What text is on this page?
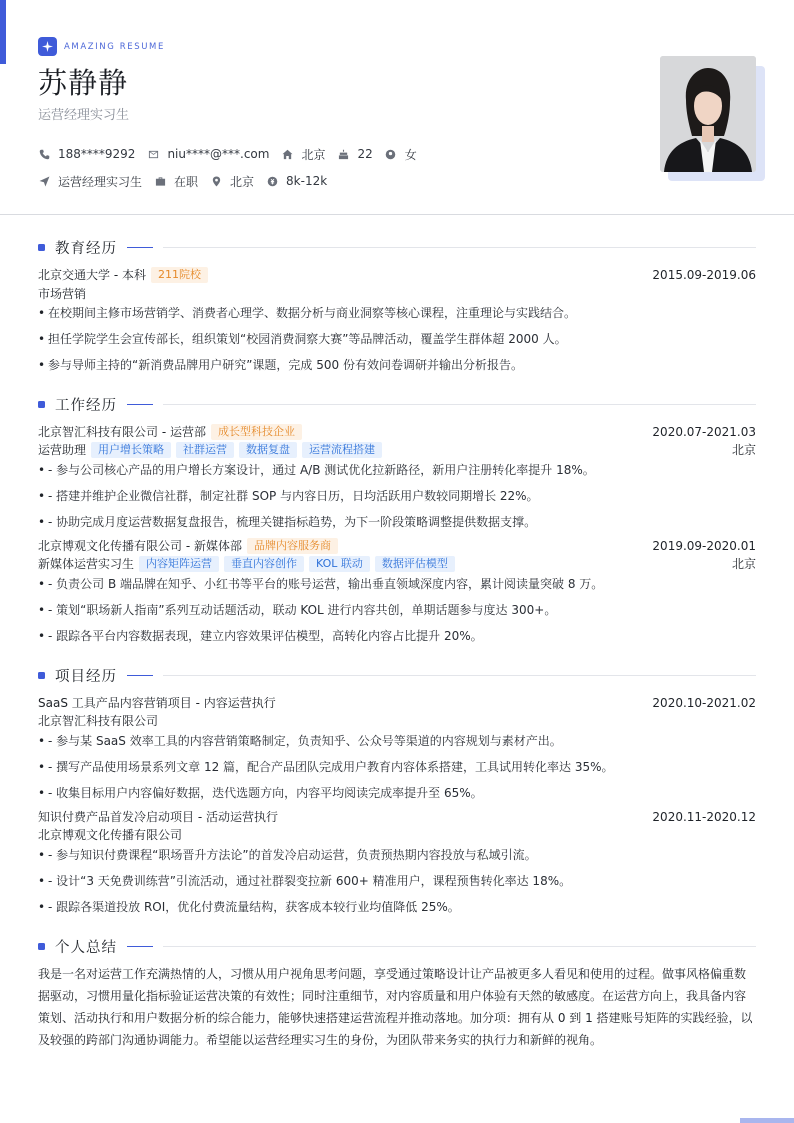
AMAZING RESUME
苏静静
运营经理实习生
188****9292	niu****@***.com	北京	22	女
运营经理实习生	在职	北京	8k-12k
教育经历
北京交通大学 - 本科	211院校	2015.09-2019.06
市场营销
• 在校期间主修市场营销学、消费者心理学、数据分析与商业洞察等核心课程，注重理论与实践结合。
• 担任学院学生会宣传部长，组织策划“校园消费洞察大赛”等品牌活动，覆盖学生群体超 2000 人。
• 参与导师主持的“新消费品牌用户研究”课题，完成 500 份有效问卷调研并输出分析报告。
工作经历
北京智汇科技有限公司 - 运营部	成长型科技企业	2020.07-2021.03
运营助理	用户增长策略	社群运营	数据复盘	运营流程搭建	北京
• - 参与公司核心产品的用户增长方案设计，通过 A/B 测试优化拉新路径，新用户注册转化率提升 18%。
• - 搭建并维护企业微信社群，制定社群 SOP 与内容日历，日均活跃用户数较同期增长 22%。
• - 协助完成月度运营数据复盘报告，梳理关键指标趋势，为下一阶段策略调整提供数据支撑。
北京博观文化传播有限公司 - 新媒体部	品牌内容服务商	2019.09-2020.01
新媒体运营实习生	内容矩阵运营	垂直内容创作	KOL 联动	数据评估模型	北京
• - 负责公司 B 端品牌在知乎、小红书等平台的账号运营，输出垂直领域深度内容，累计阅读量突破 8 万。
• - 策划“职场新人指南”系列互动话题活动，联动 KOL 进行内容共创，单期话题参与度达 300+。
• - 跟踪各平台内容数据表现，建立内容效果评估模型，高转化内容占比提升 20%。
项目经历
SaaS 工具产品内容营销项目 - 内容运营执行	2020.10-2021.02
北京智汇科技有限公司
• - 参与某 SaaS 效率工具的内容营销策略制定，负责知乎、公众号等渠道的内容规划与素材产出。
• - 撰写产品使用场景系列文章 12 篇，配合产品团队完成用户教育内容体系搭建，工具试用转化率达 35%。
• - 收集目标用户内容偏好数据，迭代选题方向，内容平均阅读完成率提升至 65%。
知识付费产品首发冷启动项目 - 活动运营执行	2020.11-2020.12
北京博观文化传播有限公司
• - 参与知识付费课程“职场晋升方法论”的首发冷启动运营，负责预热期内容投放与私域引流。
• - 设计“3 天免费训练营”引流活动，通过社群裂变拉新 600+ 精准用户，课程预售转化率达 18%。
• - 跟踪各渠道投放 ROI，优化付费流量结构，获客成本较行业均值降低 25%。
个人总结
我是一名对运营工作充满热情的人，习惯从用户视角思考问题，享受通过策略设计让产品被更多人看见和使用的过程。做事风格偏重数据驱动，习惯用量化指标验证运营决策的有效性；同时注重细节，对内容质量和用户体验有天然的敏感度。在运营方向上，我具备内容策划、活动执行和用户数据分析的综合能力，能够快速搭建运营流程并推动落地。加分项：拥有从 0 到 1 搭建账号矩阵的实践经验，以及较强的跨部门沟通协调能力。希望能以运营经理实习生的身份，为团队带来务实的执行力和新鲜的视角。
